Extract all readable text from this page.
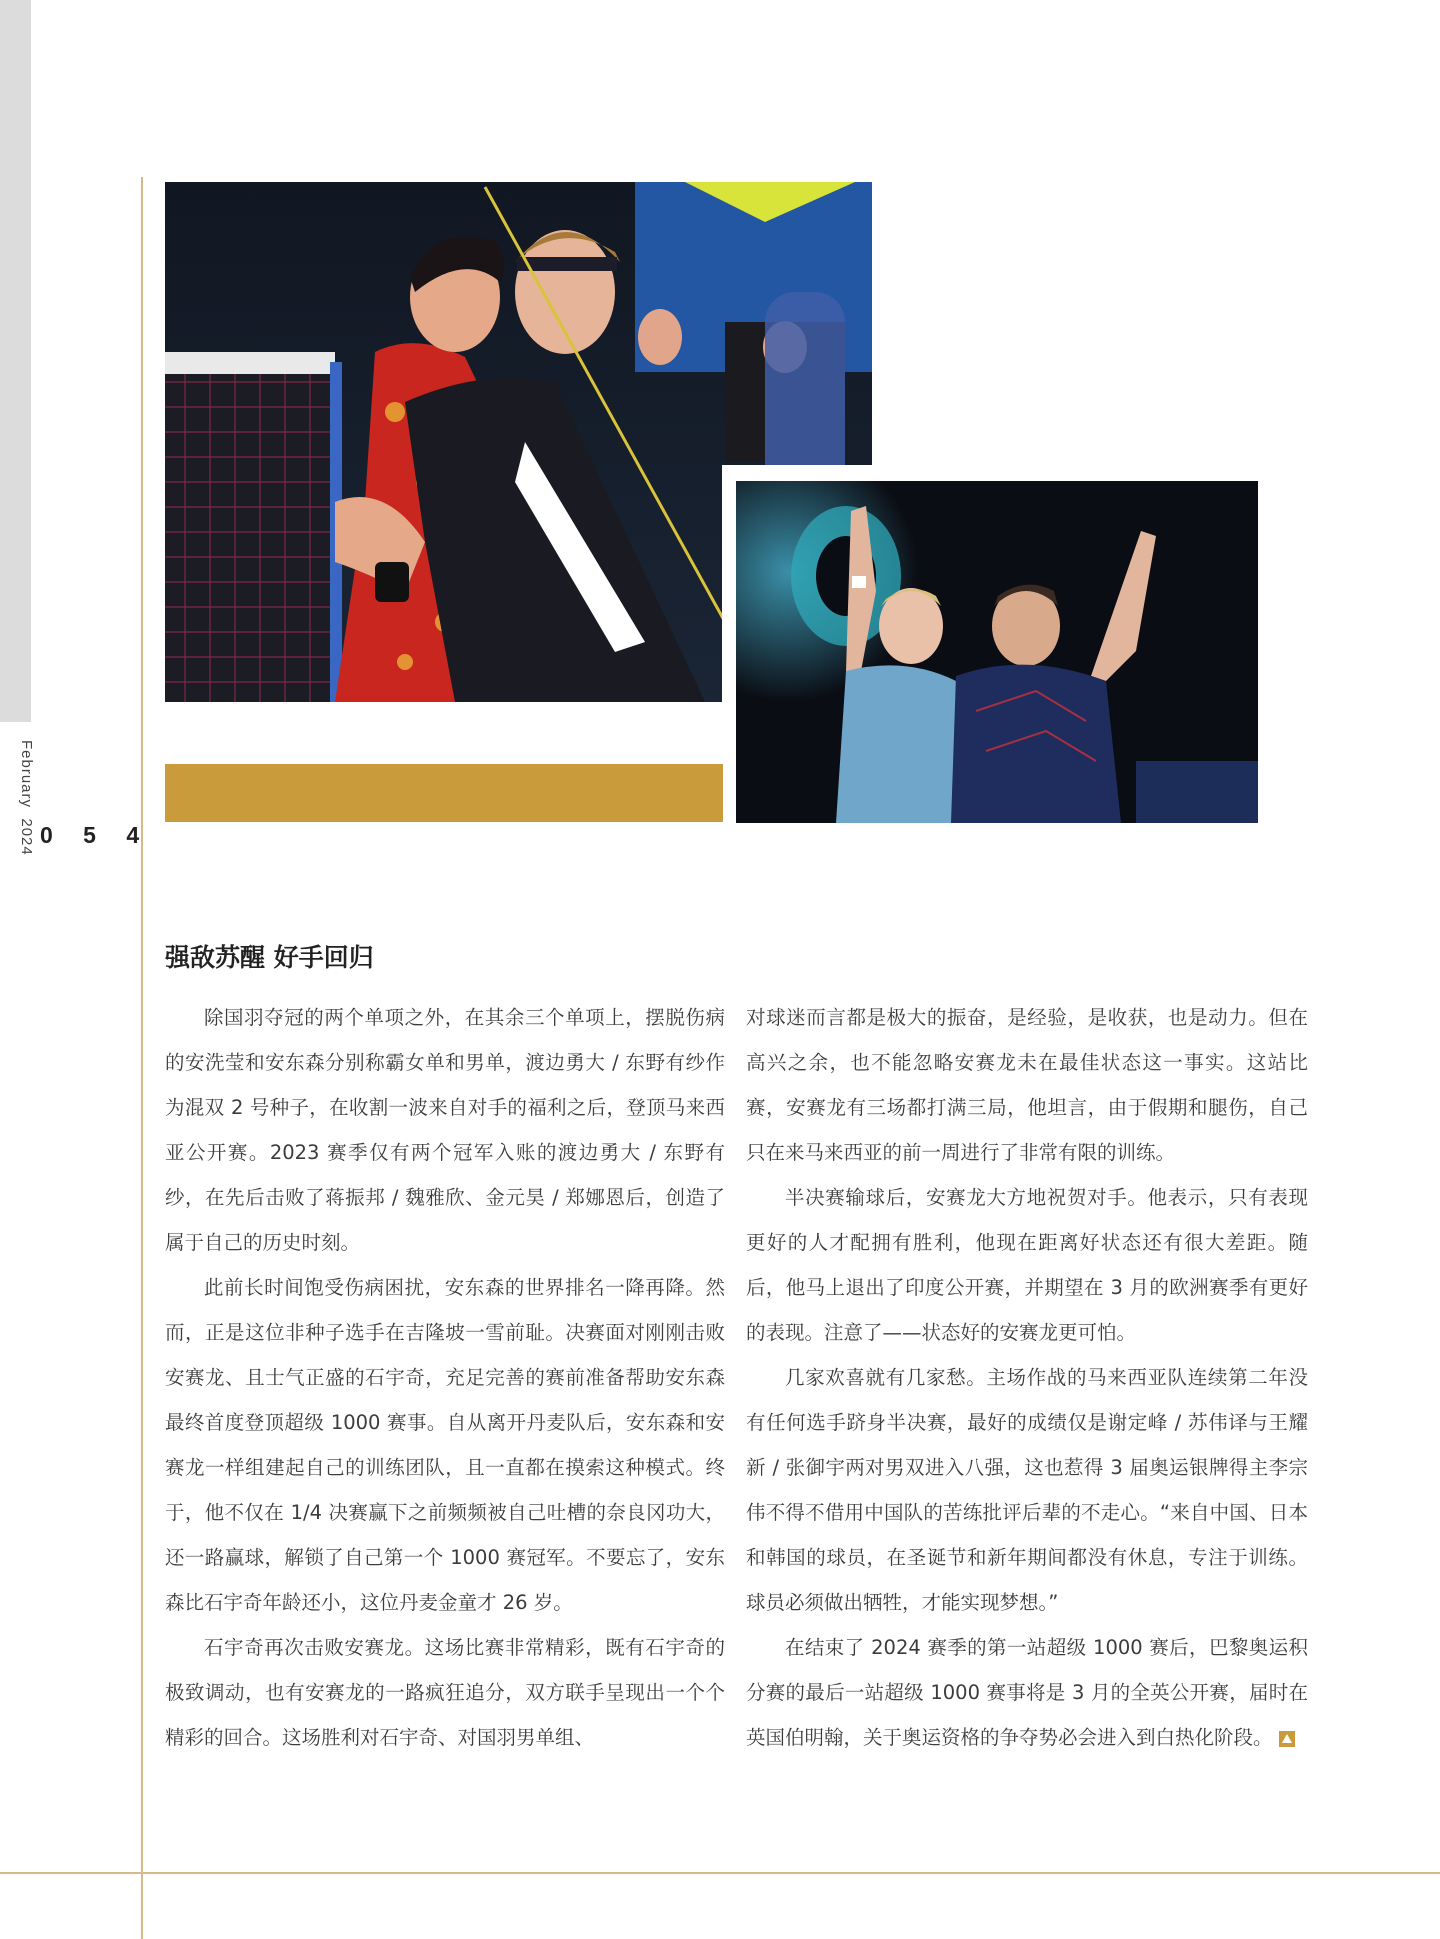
February  2024 0 5 4
强敌苏醒 好手回归

除国羽夺冠的两个单项之外，在其余三个单项上，摆脱伤病的安洗莹和安东森分别称霸女单和男单，渡边勇大 / 东野有纱作为混双 2 号种子，在收割一波来自对手的福利之后，登顶马来西亚公开赛。2023 赛季仅有两个冠军入账的渡边勇大 / 东野有纱，在先后击败了蒋振邦 / 魏雅欣、金元昊 / 郑娜恩后，创造了属于自己的历史时刻。

此前长时间饱受伤病困扰，安东森的世界排名一降再降。然而，正是这位非种子选手在吉隆坡一雪前耻。决赛面对刚刚击败安赛龙、且士气正盛的石宇奇，充足完善的赛前准备帮助安东森最终首度登顶超级 1000 赛事。自从离开丹麦队后，安东森和安赛龙一样组建起自己的训练团队，且一直都在摸索这种模式。终于，他不仅在 1/4 决赛赢下之前频频被自己吐槽的奈良冈功大，还一路赢球，解锁了自己第一个 1000 赛冠军。不要忘了，安东森比石宇奇年龄还小，这位丹麦金童才 26 岁。

石宇奇再次击败安赛龙。这场比赛非常精彩，既有石宇奇的极致调动，也有安赛龙的一路疯狂追分，双方联手呈现出一个个精彩的回合。这场胜利对石宇奇、对国羽男单组、

对球迷而言都是极大的振奋，是经验，是收获，也是动力。但在高兴之余，也不能忽略安赛龙未在最佳状态这一事实。这站比赛，安赛龙有三场都打满三局，他坦言，由于假期和腿伤，自己只在来马来西亚的前一周进行了非常有限的训练。

半决赛输球后，安赛龙大方地祝贺对手。他表示，只有表现更好的人才配拥有胜利，他现在距离好状态还有很大差距。随后，他马上退出了印度公开赛，并期望在 3 月的欧洲赛季有更好的表现。注意了——状态好的安赛龙更可怕。

几家欢喜就有几家愁。主场作战的马来西亚队连续第二年没有任何选手跻身半决赛，最好的成绩仅是谢定峰 / 苏伟译与王耀新 / 张御宇两对男双进入八强，这也惹得 3 届奥运银牌得主李宗伟不得不借用中国队的苦练批评后辈的不走心。“来自中国、日本和韩国的球员，在圣诞节和新年期间都没有休息，专注于训练。球员必须做出牺牲，才能实现梦想。”

在结束了 2024 赛季的第一站超级 1000 赛后，巴黎奥运积分赛的最后一站超级 1000 赛事将是 3 月的全英公开赛，届时在英国伯明翰，关于奥运资格的争夺势必会进入到白热化阶段。
